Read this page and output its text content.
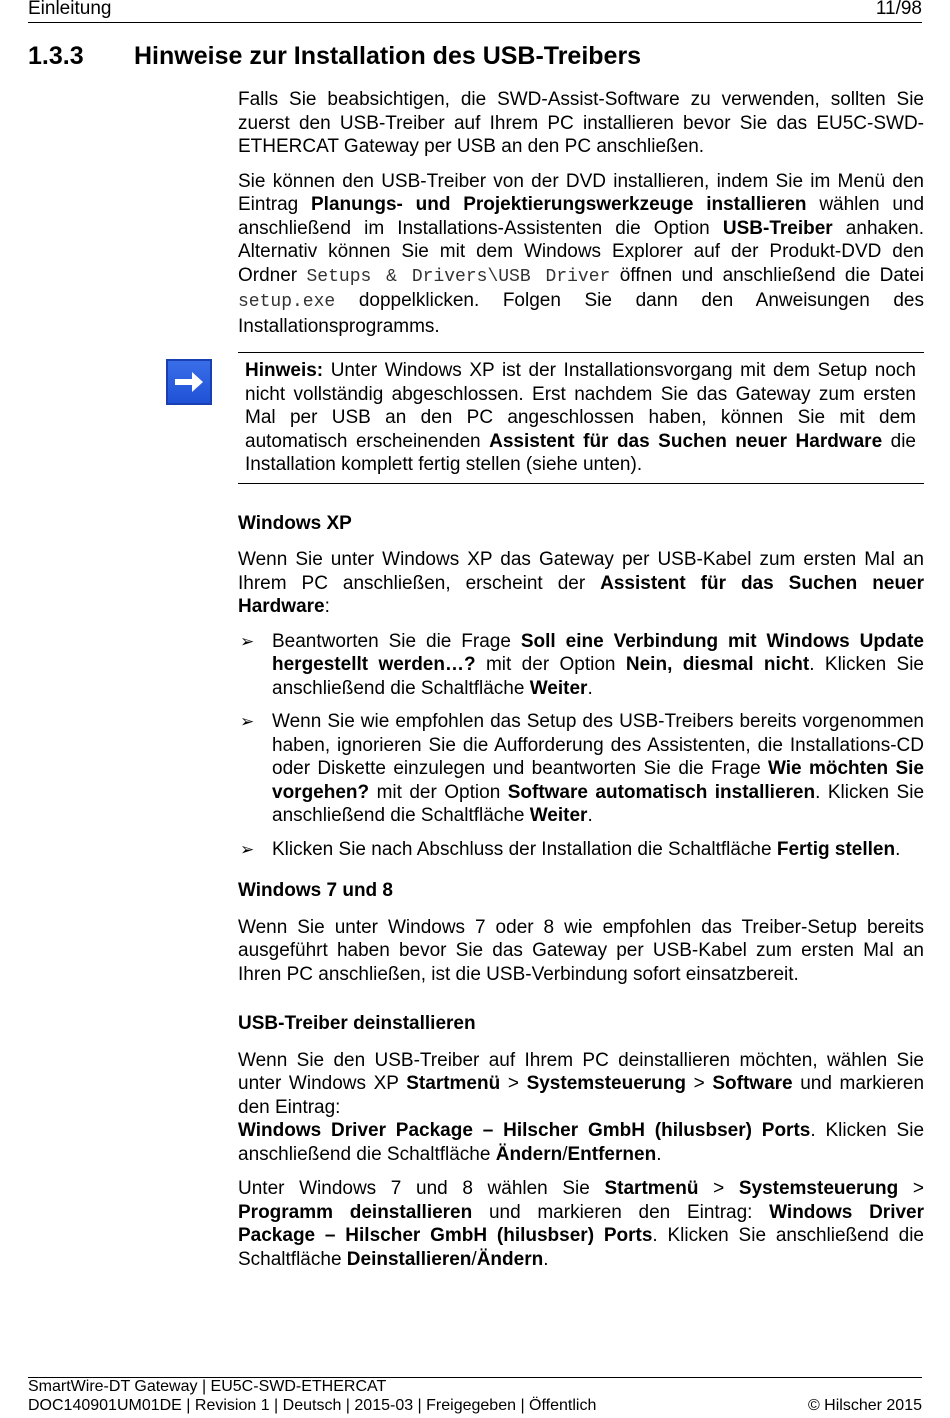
Einleitung	11/98
1.3.3 Hinweise zur Installation des USB-Treibers

Falls Sie beabsichtigen, die SWD-Assist-Software zu verwenden, sollten Sie zuerst den USB-Treiber auf Ihrem PC installieren bevor Sie das EU5C-SWD-ETHERCAT Gateway per USB an den PC anschließen.

Sie können den USB-Treiber von der DVD installieren, indem Sie im Menü den Eintrag Planungs- und Projektierungswerkzeuge installieren wählen und anschließend im Installations-Assistenten die Option USB-Treiber anhaken. Alternativ können Sie mit dem Windows Explorer auf der Produkt-DVD den Ordner Setups & Drivers\USB Driver öffnen und anschließend die Datei setup.exe doppelklicken. Folgen Sie dann den Anweisungen des Installationsprogramms.

Hinweis: Unter Windows XP ist der Installationsvorgang mit dem Setup noch nicht vollständig abgeschlossen. Erst nachdem Sie das Gateway zum ersten Mal per USB an den PC angeschlossen haben, können Sie mit dem automatisch erscheinenden Assistent für das Suchen neuer Hardware die Installation komplett fertig stellen (siehe unten).
Windows XP

Wenn Sie unter Windows XP das Gateway per USB-Kabel zum ersten Mal an Ihrem PC anschließen, erscheint der Assistent für das Suchen neuer Hardware:

➢ Beantworten Sie die Frage Soll eine Verbindung mit Windows Update hergestellt werden…? mit der Option Nein, diesmal nicht. Klicken Sie anschließend die Schaltfläche Weiter.
➢ Wenn Sie wie empfohlen das Setup des USB-Treibers bereits vorgenommen haben, ignorieren Sie die Aufforderung des Assistenten, die Installations-CD oder Diskette einzulegen und beantworten Sie die Frage Wie möchten Sie vorgehen? mit der Option Software automatisch installieren. Klicken Sie anschließend die Schaltfläche Weiter.
➢ Klicken Sie nach Abschluss der Installation die Schaltfläche Fertig stellen.
Windows 7 und 8

Wenn Sie unter Windows 7 oder 8 wie empfohlen das Treiber-Setup bereits ausgeführt haben bevor Sie das Gateway per USB-Kabel zum ersten Mal an Ihren PC anschließen, ist die USB-Verbindung sofort einsatzbereit.

USB-Treiber deinstallieren

Wenn Sie den USB-Treiber auf Ihrem PC deinstallieren möchten, wählen Sie unter Windows XP Startmenü > Systemsteuerung > Software und markieren den Eintrag:
Windows Driver Package – Hilscher GmbH (hilusbser) Ports. Klicken Sie anschließend die Schaltfläche Ändern/Entfernen.

Unter Windows 7 und 8 wählen Sie Startmenü > Systemsteuerung > Programm deinstallieren und markieren den Eintrag: Windows Driver Package – Hilscher GmbH (hilusbser) Ports. Klicken Sie anschließend die Schaltfläche Deinstallieren/Ändern.

SmartWire-DT Gateway | EU5C-SWD-ETHERCAT
DOC140901UM01DE | Revision 1 | Deutsch | 2015-03 | Freigegeben | Öffentlich	© Hilscher 2015
